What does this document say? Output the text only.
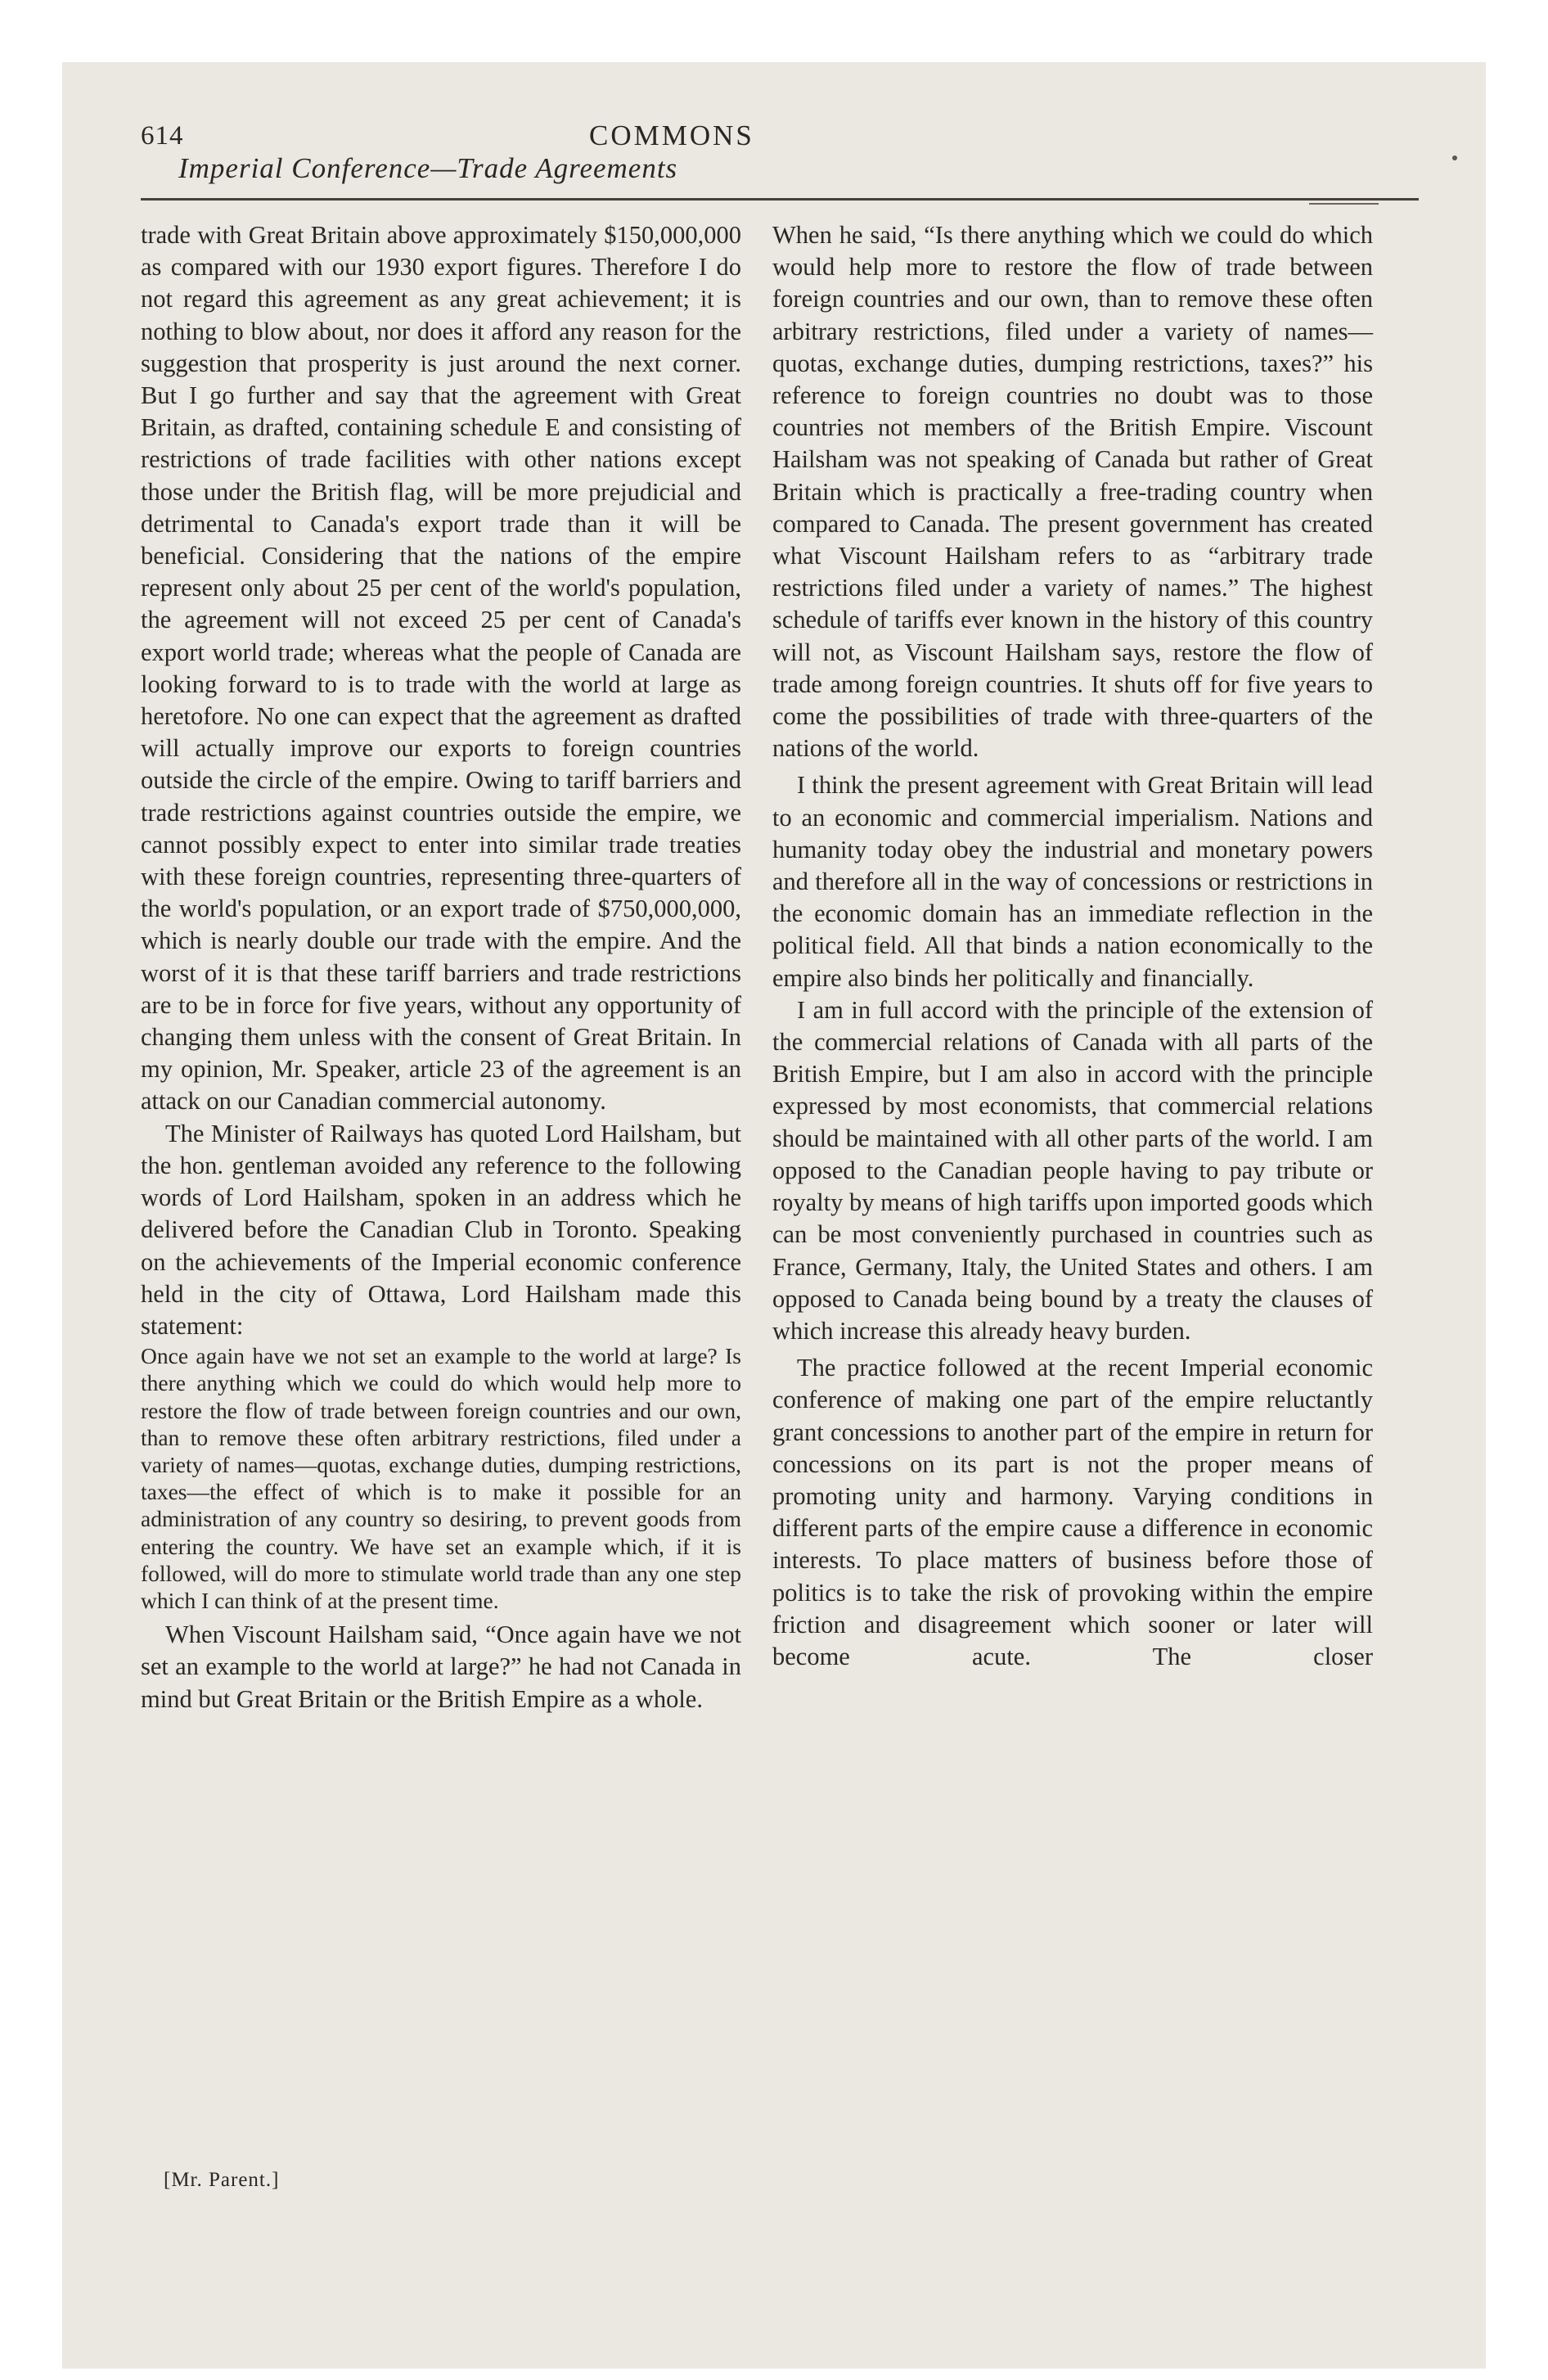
614	COMMONS
Imperial Conference—Trade Agreements

trade with Great Britain above approximately $150,000,000 as compared with our 1930 export figures. Therefore I do not regard this agreement as any great achievement; it is nothing to blow about, nor does it afford any reason for the suggestion that prosperity is just around the next corner. But I go further and say that the agreement with Great Britain, as drafted, containing schedule E and consisting of restrictions of trade facilities with other nations except those under the British flag, will be more prejudicial and detrimental to Canada's export trade than it will be beneficial. Considering that the nations of the empire represent only about 25 per cent of the world's population, the agreement will not exceed 25 per cent of Canada's export world trade; whereas what the people of Canada are looking forward to is to trade with the world at large as heretofore. No one can expect that the agreement as drafted will actually improve our exports to foreign countries outside the circle of the empire. Owing to tariff barriers and trade restrictions against countries outside the empire, we cannot possibly expect to enter into similar trade treaties with these foreign countries, representing three-quarters of the world's population, or an export trade of $750,000,000, which is nearly double our trade with the empire. And the worst of it is that these tariff barriers and trade restrictions are to be in force for five years, without any opportunity of changing them unless with the consent of Great Britain. In my opinion, Mr. Speaker, article 23 of the agreement is an attack on our Canadian commercial autonomy.

The Minister of Railways has quoted Lord Hailsham, but the hon. gentleman avoided any reference to the following words of Lord Hailsham, spoken in an address which he delivered before the Canadian Club in Toronto. Speaking on the achievements of the Imperial economic conference held in the city of Ottawa, Lord Hailsham made this statement:

Once again have we not set an example to the world at large? Is there anything which we could do which would help more to restore the flow of trade between foreign countries and our own, than to remove these often arbitrary restrictions, filed under a variety of names—quotas, exchange duties, dumping restrictions, taxes—the effect of which is to make it possible for an administration of any country so desiring, to prevent goods from entering the country. We have set an example which, if it is followed, will do more to stimulate world trade than any one step which I can think of at the present time.

When Viscount Hailsham said, “Once again have we not set an example to the world at large?” he had not Canada in mind but Great Britain or the British Empire as a whole.

[Mr. Parent.]

When he said, “Is there anything which we could do which would help more to restore the flow of trade between foreign countries and our own, than to remove these often arbitrary restrictions, filed under a variety of names—quotas, exchange duties, dumping restrictions, taxes?” his reference to foreign countries no doubt was to those countries not members of the British Empire. Viscount Hailsham was not speaking of Canada but rather of Great Britain which is practically a free-trading country when compared to Canada. The present government has created what Viscount Hailsham refers to as “arbitrary trade restrictions filed under a variety of names.” The highest schedule of tariffs ever known in the history of this country will not, as Viscount Hailsham says, restore the flow of trade among foreign countries. It shuts off for five years to come the possibilities of trade with three-quarters of the nations of the world.

I think the present agreement with Great Britain will lead to an economic and commercial imperialism. Nations and humanity today obey the industrial and monetary powers and therefore all in the way of concessions or restrictions in the economic domain has an immediate reflection in the political field. All that binds a nation economically to the empire also binds her politically and financially.

I am in full accord with the principle of the extension of the commercial relations of Canada with all parts of the British Empire, but I am also in accord with the principle expressed by most economists, that commercial relations should be maintained with all other parts of the world. I am opposed to the Canadian people having to pay tribute or royalty by means of high tariffs upon imported goods which can be most conveniently purchased in countries such as France, Germany, Italy, the United States and others. I am opposed to Canada being bound by a treaty the clauses of which increase this already heavy burden.

The practice followed at the recent Imperial economic conference of making one part of the empire reluctantly grant concessions to another part of the empire in return for concessions on its part is not the proper means of promoting unity and harmony. Varying conditions in different parts of the empire cause a difference in economic interests. To place matters of business before those of politics is to take the risk of provoking within the empire friction and disagreement which sooner or later will become acute. The closer
